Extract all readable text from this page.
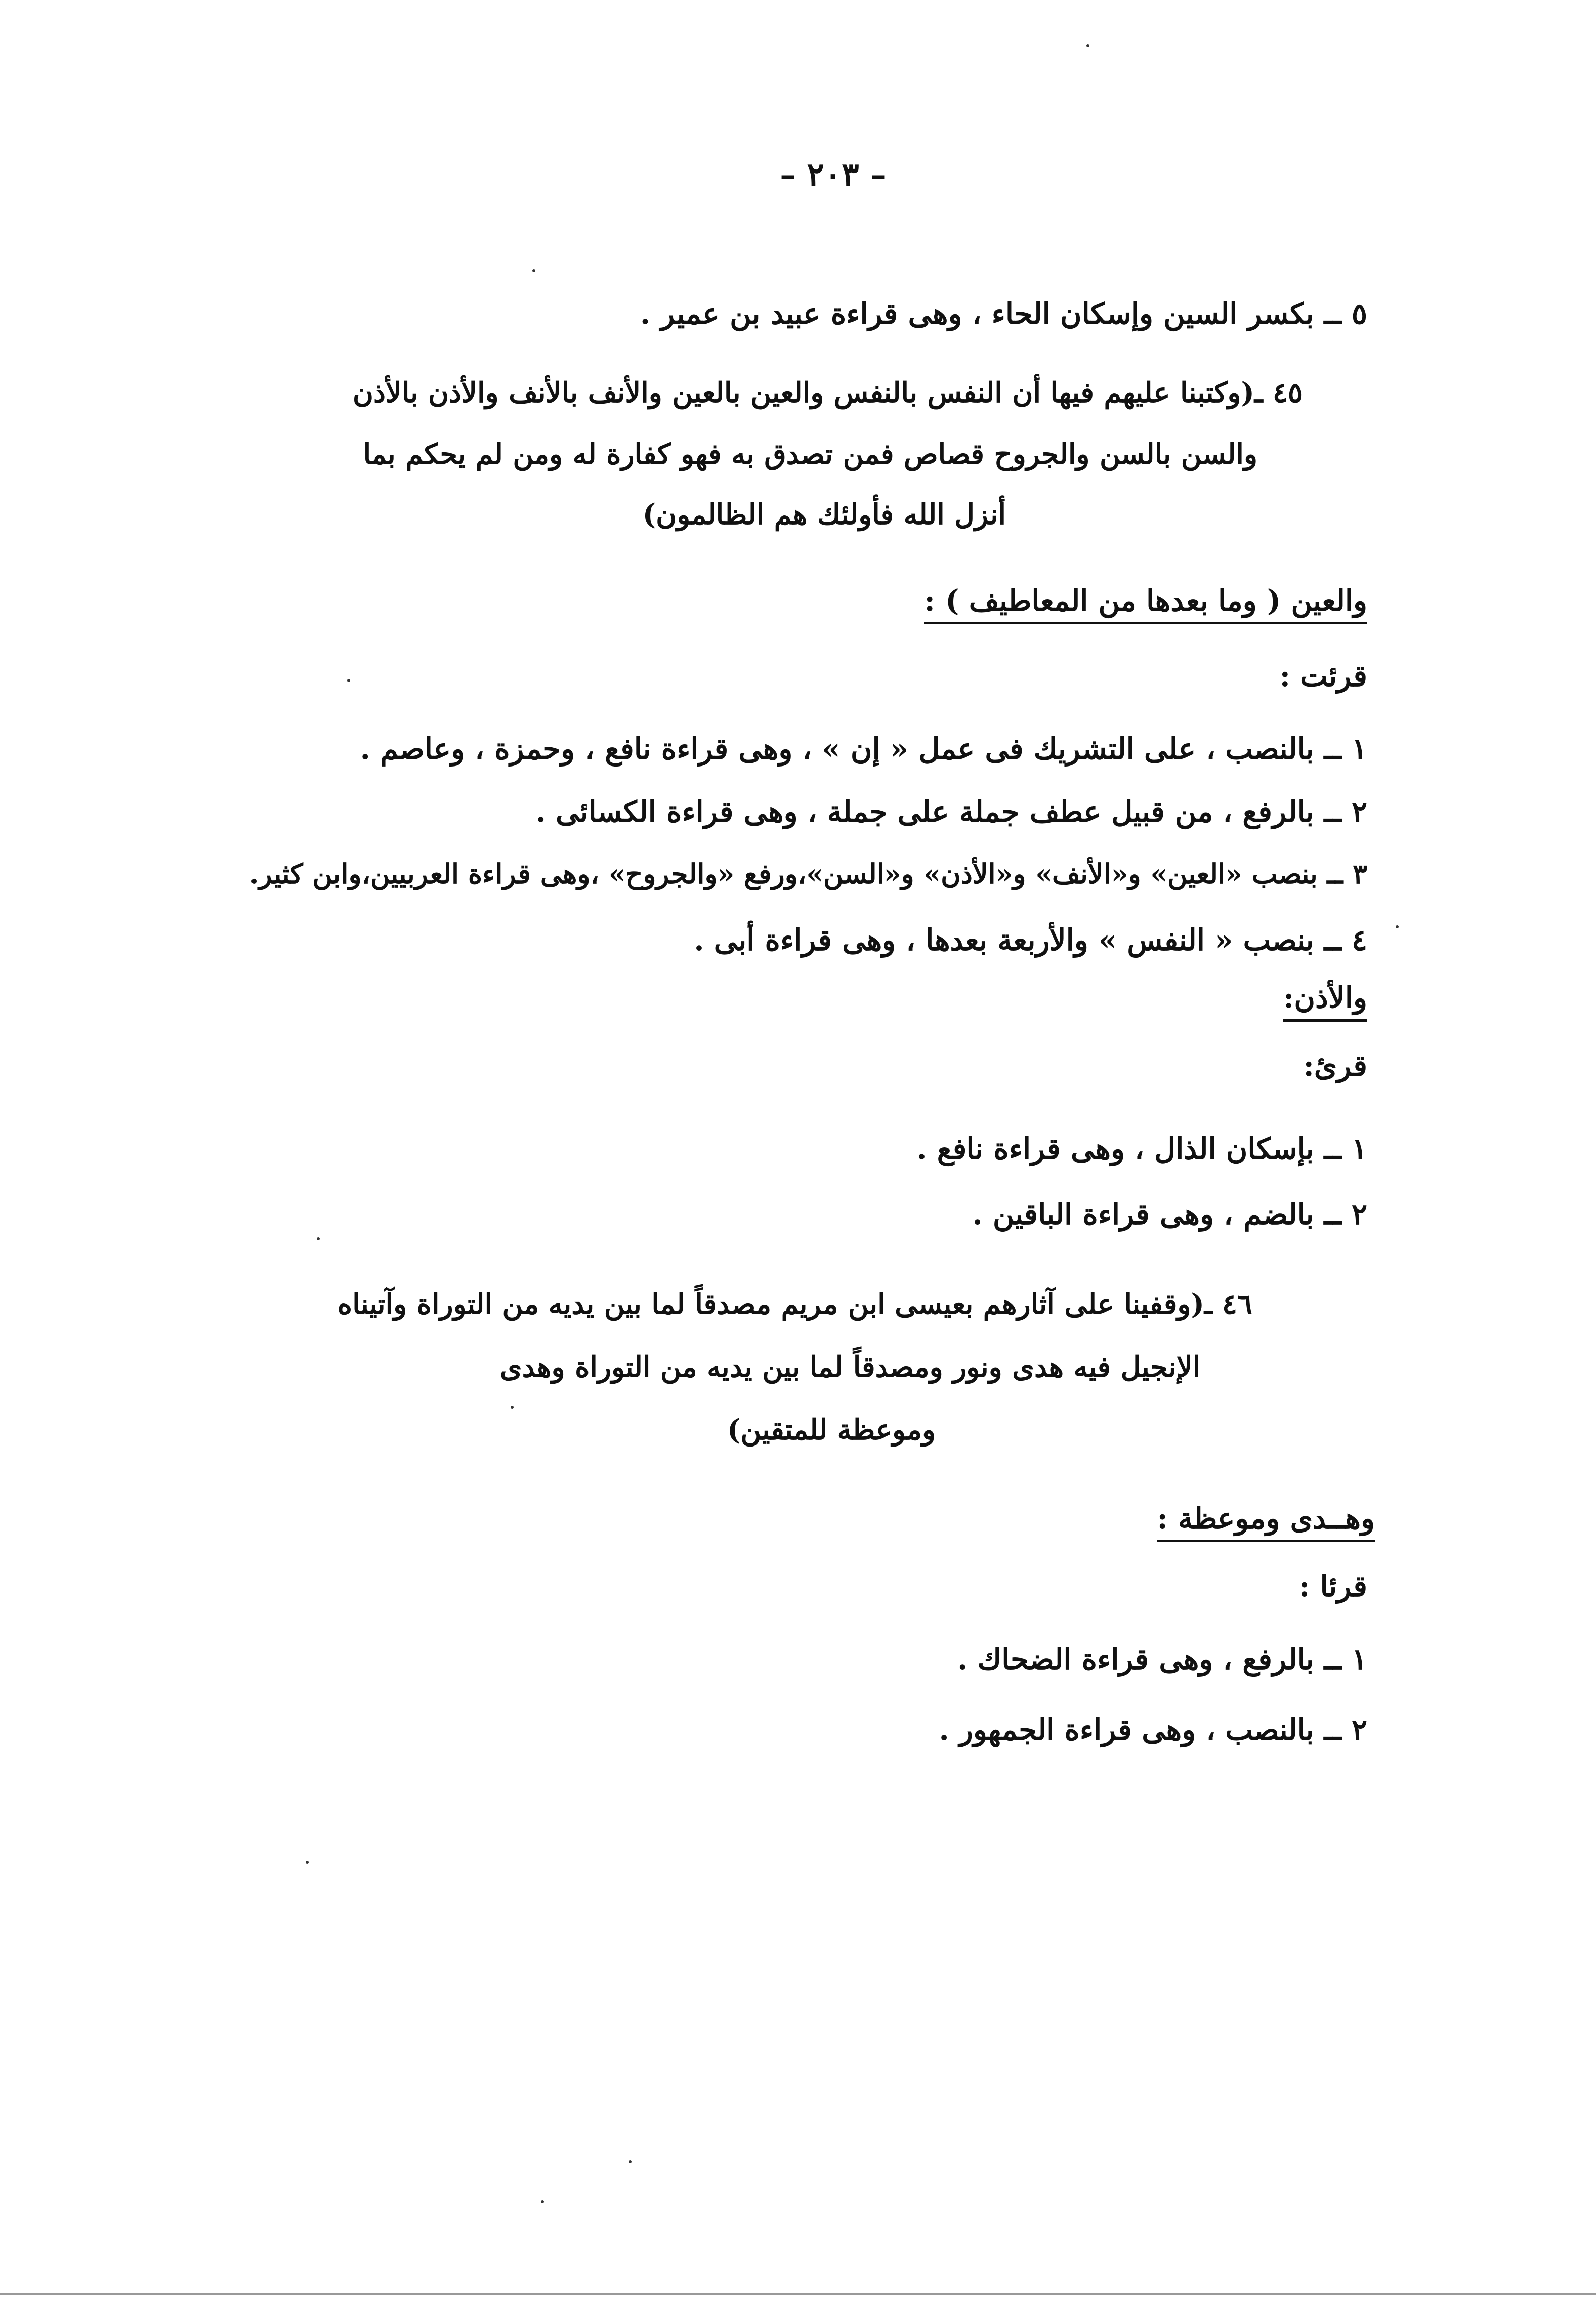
– ٢٠٣ –
٥ ــ بكسر السين وإسكان الحاء ، وهى قراءة عبيد بن عمير .
٤٥ ـ(وكتبنا عليهم فيها أن النفس بالنفس والعين بالعين والأنف بالأنف والأذن بالأذن
والسن بالسن والجروح قصاص فمن تصدق به فهو كفارة له ومن لم يحكم بما
أنزل الله فأولئك هم الظالمون)
والعين ( وما بعدها من المعاطيف ) :
قرئت :
١ ــ بالنصب ، على التشريك فى عمل « إن » ، وهى قراءة نافع ، وحمزة ، وعاصم .
٢ ــ بالرفع ، من قبيل عطف جملة على جملة ، وهى قراءة الكسائى .
٣ ــ بنصب «العين» و«الأنف» و«الأذن» و«السن»،ورفع «والجروح» ،وهى قراءة العربيين،وابن كثير.
٤ ــ بنصب « النفس » والأربعة بعدها ، وهى قراءة أبى .
والأذن:
قرئ:
١ ــ بإسكان الذال ، وهى قراءة نافع .
٢ ــ بالضم ، وهى قراءة الباقين .
٤٦ ـ(وقفينا على آثارهم بعيسى ابن مريم مصدقاً لما بين يديه من التوراة وآتيناه
الإنجيل فيه هدى ونور ومصدقاً لما بين يديه من التوراة وهدى
وموعظة للمتقين)
وهــدى وموعظة :
قرئا :
١ ــ بالرفع ، وهى قراءة الضحاك .
٢ ــ بالنصب ، وهى قراءة الجمهور .
